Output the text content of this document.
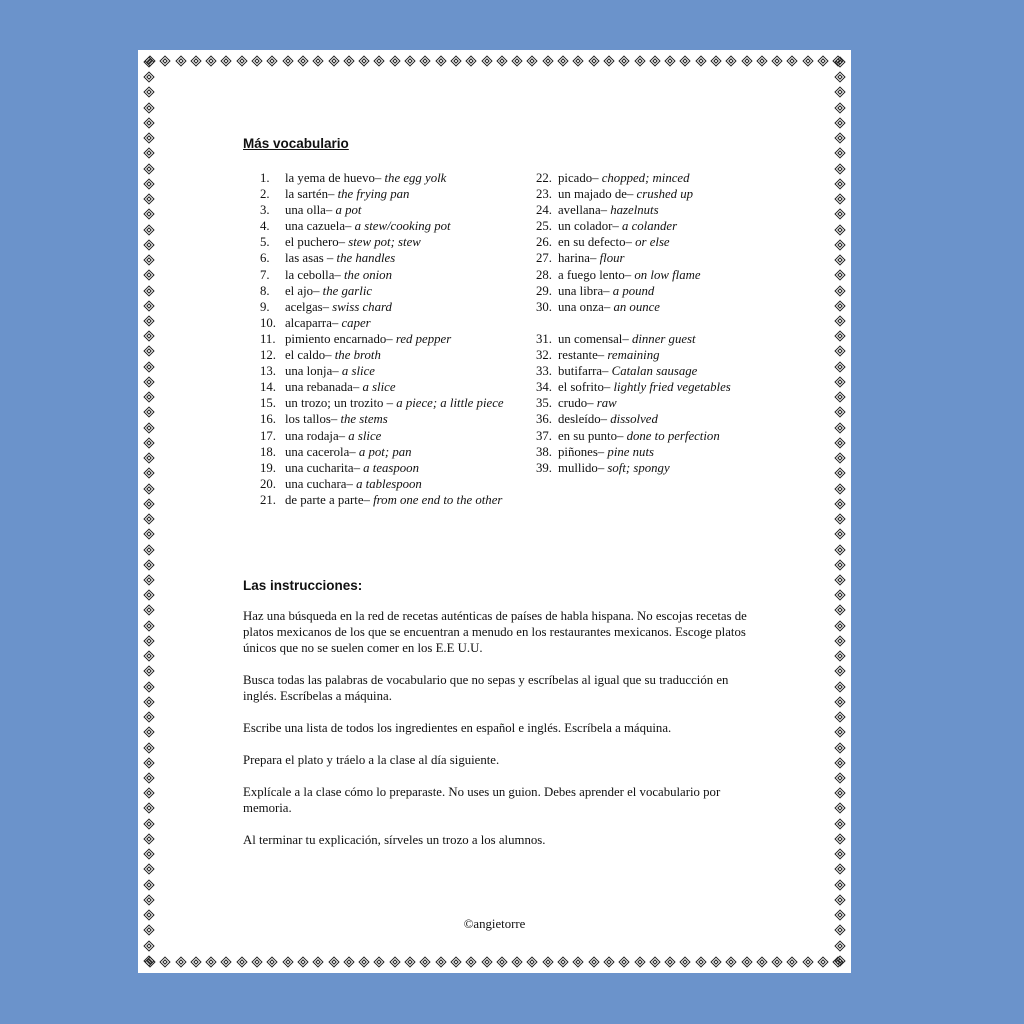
Más vocabulario
1.	la yema de huevo– the egg yolk
2.	la sartén– the frying pan
3.	una olla– a pot
4.	una cazuela– a stew/cooking pot
5.	el puchero– stew pot; stew
6.	las asas – the handles
7.	la cebolla– the onion
8.	el ajo– the garlic
9.	acelgas– swiss chard
10. alcaparra– caper
11. pimiento encarnado– red pepper
12. el caldo– the broth
13. una lonja– a slice
14. una rebanada– a slice
15. un trozo; un trozito – a piece; a little piece
16. los tallos– the stems
17. una rodaja– a slice
18. una cacerola– a pot; pan
19. una cucharita– a teaspoon
20. una cuchara– a tablespoon
21. de parte a parte– from one end to the other
22. picado– chopped; minced
23. un majado de– crushed up
24. avellana– hazelnuts
25. un colador– a colander
26. en su defecto– or else
27. harina– flour
28. a fuego lento– on low flame
29. una libra– a pound
30. una onza– an ounce
31. un comensal– dinner guest
32. restante– remaining
33. butifarra– Catalan sausage
34. el sofrito– lightly fried vegetables
35. crudo– raw
36. desleído– dissolved
37. en su punto– done to perfection
38. piñones– pine nuts
39. mullido– soft; spongy
Las instrucciones:

Haz una búsqueda en la red de recetas auténticas de países de habla hispana. No escojas recetas de platos mexicanos de los que se encuentran a menudo en los restaurantes mexicanos. Escoge platos únicos que no se suelen comer en los E.E U.U.

Busca todas las palabras de vocabulario que no sepas y escríbelas al igual que su traducción en inglés. Escríbelas a máquina.

Escribe una lista de todos los ingredientes en español e inglés. Escríbela a máquina.

Prepara el plato y tráelo a la clase al día siguiente.

Explícale a la clase cómo lo preparaste. No uses un guion. Debes aprender el vocabulario por memoria.

Al terminar tu explicación, sírveles un trozo a los alumnos.

©angietorre
